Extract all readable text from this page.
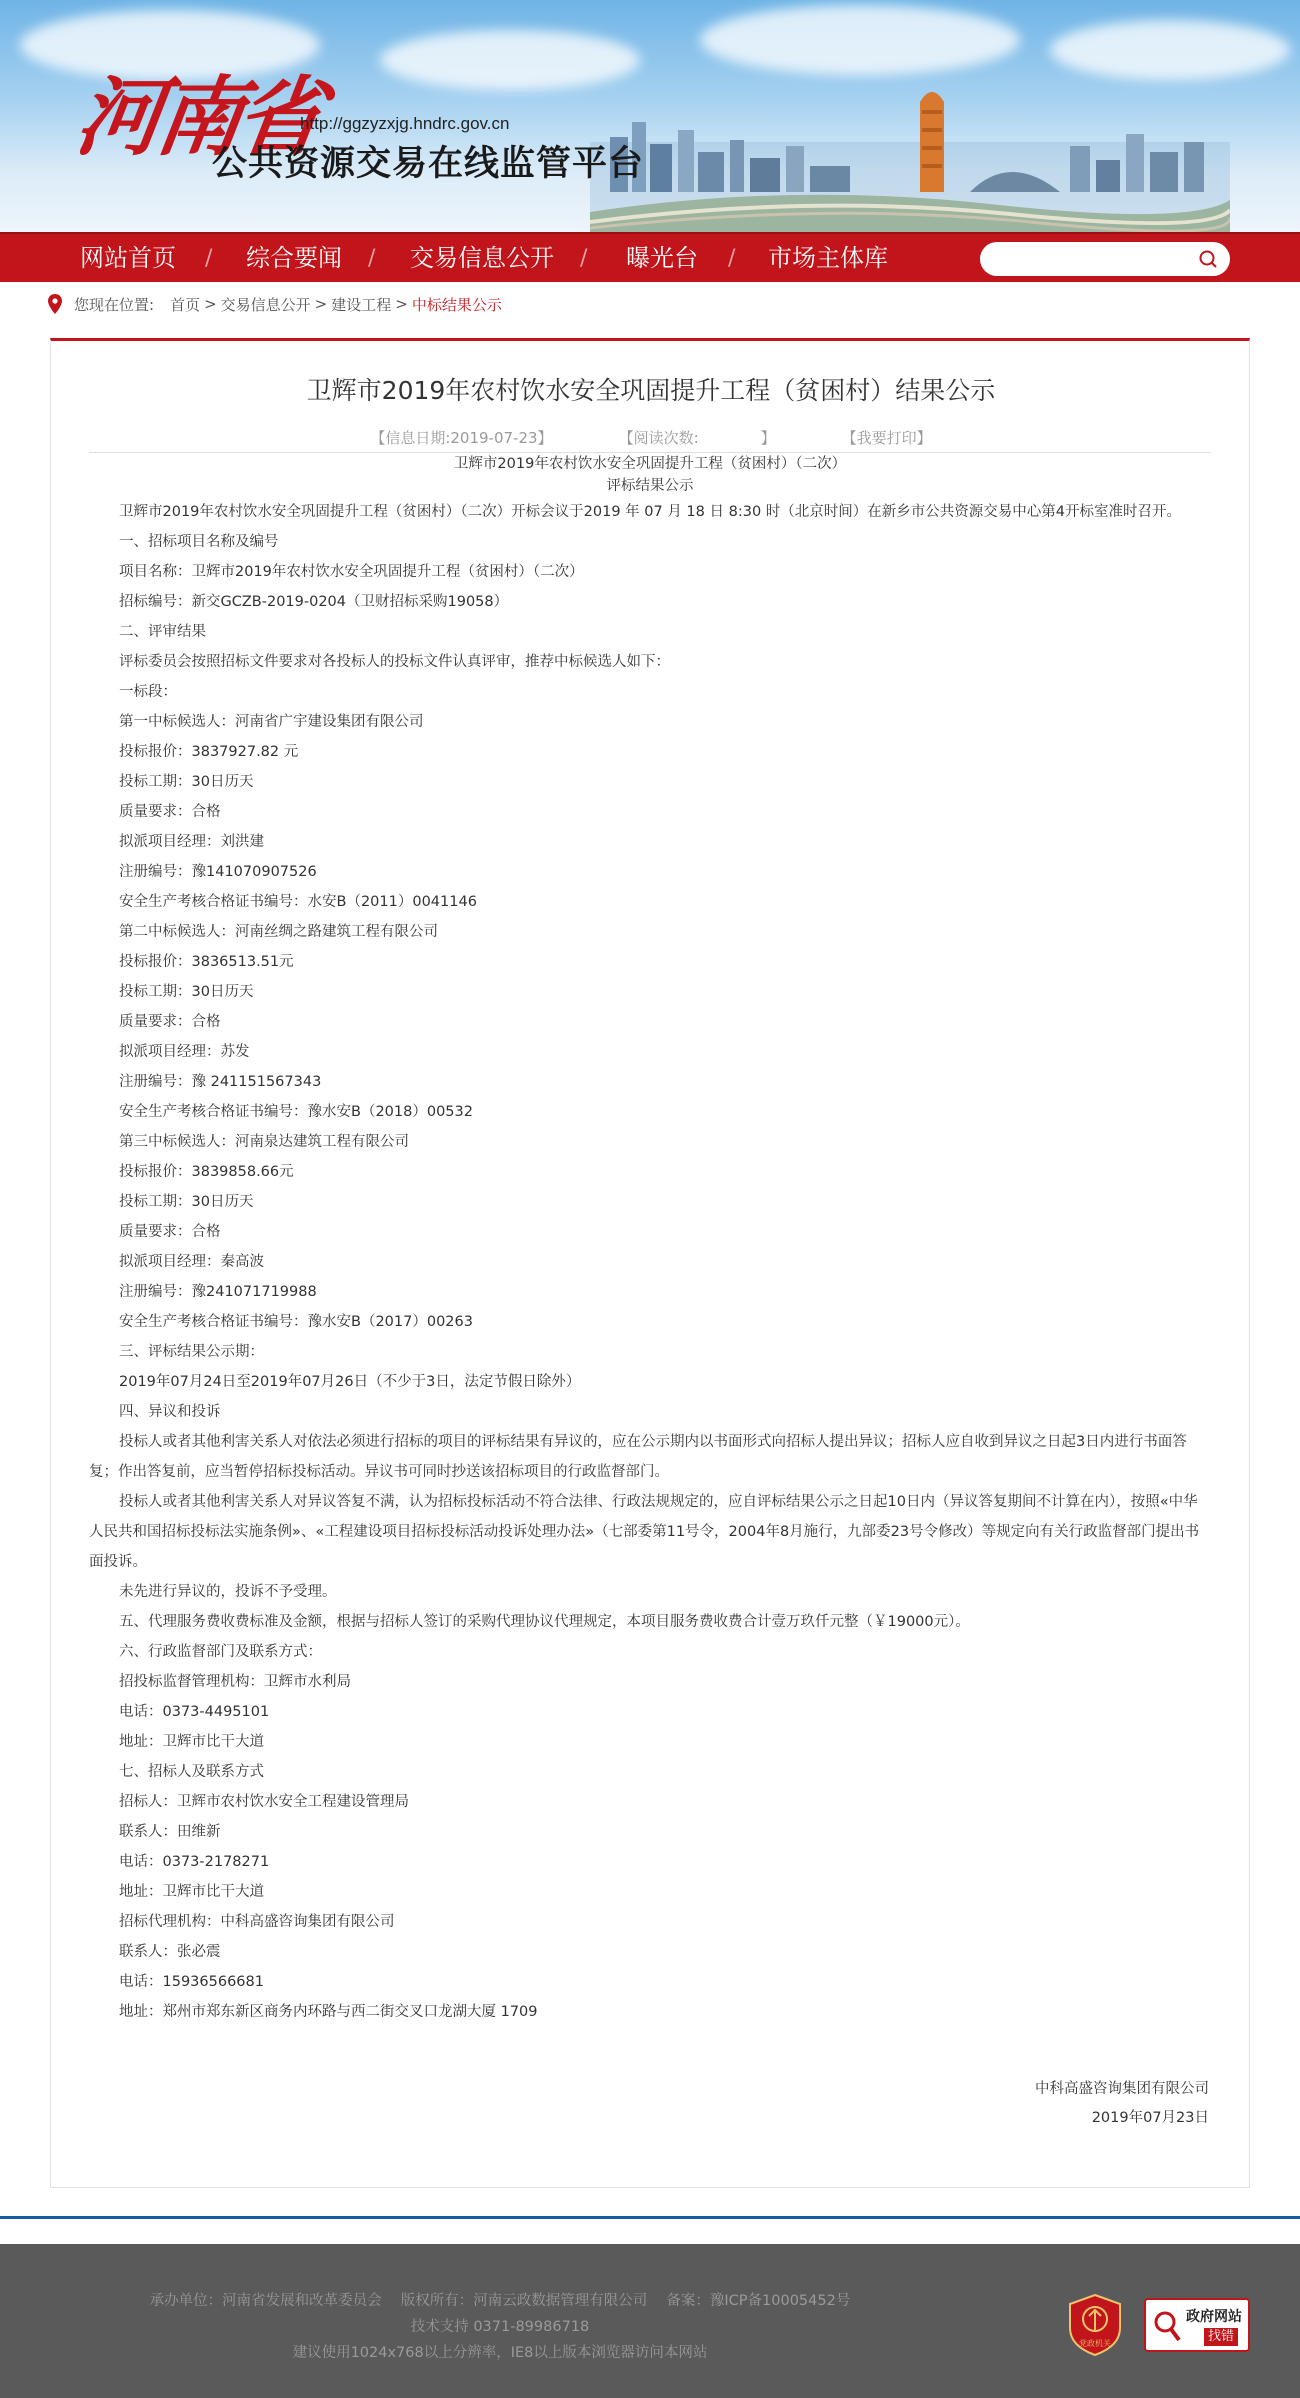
河南省
http://ggzyzxjg.hndrc.gov.cn
公共资源交易在线监管平台
网站首页 / 综合要闻 / 交易信息公开 / 曝光台 / 市场主体库
您现在位置: 首页 > 交易信息公开 > 建设工程 > 中标结果公示
卫辉市2019年农村饮水安全巩固提升工程（贫困村）结果公示
【信息日期:2019-07-23】	【阅读次数:	】	【我要打印】
卫辉市2019年农村饮水安全巩固提升工程（贫困村）（二次）
评标结果公示
卫辉市2019年农村饮水安全巩固提升工程（贫困村）（二次）开标会议于2019 年 07 月 18 日 8:30 时（北京时间）在新乡市公共资源交易中心第4开标室准时召开。
一、招标项目名称及编号
项目名称：卫辉市2019年农村饮水安全巩固提升工程（贫困村）（二次）
招标编号：新交GCZB-2019-0204（卫财招标采购19058）
二、评审结果
评标委员会按照招标文件要求对各投标人的投标文件认真评审，推荐中标候选人如下：
一标段：
第一中标候选人：河南省广宇建设集团有限公司
投标报价：3837927.82 元
投标工期：30日历天
质量要求：合格
拟派项目经理：刘洪建
注册编号：豫141070907526
安全生产考核合格证书编号：水安B（2011）0041146
第二中标候选人：河南丝绸之路建筑工程有限公司
投标报价：3836513.51元
投标工期：30日历天
质量要求：合格
拟派项目经理：苏发
注册编号：豫 241151567343
安全生产考核合格证书编号：豫水安B（2018）00532
第三中标候选人：河南泉达建筑工程有限公司
投标报价：3839858.66元
投标工期：30日历天
质量要求：合格
拟派项目经理：秦高波
注册编号：豫241071719988
安全生产考核合格证书编号：豫水安B（2017）00263
三、评标结果公示期：
2019年07月24日至2019年07月26日（不少于3日，法定节假日除外）
四、异议和投诉
投标人或者其他利害关系人对依法必须进行招标的项目的评标结果有异议的，应在公示期内以书面形式向招标人提出异议；招标人应自收到异议之日起3日内进行书面答复；作出答复前，应当暂停招标投标活动。异议书可同时抄送该招标项目的行政监督部门。
投标人或者其他利害关系人对异议答复不满，认为招标投标活动不符合法律、行政法规规定的，应自评标结果公示之日起10日内（异议答复期间不计算在内），按照«中华人民共和国招标投标法实施条例»、«工程建设项目招标投标活动投诉处理办法»（七部委第11号令，2004年8月施行，九部委23号令修改）等规定向有关行政监督部门提出书面投诉。
未先进行异议的，投诉不予受理。
五、代理服务费收费标准及金额，根据与招标人签订的采购代理协议代理规定，本项目服务费收费合计壹万玖仟元整（￥19000元）。
六、行政监督部门及联系方式：
招投标监督管理机构：卫辉市水利局
电话：0373-4495101
地址：卫辉市比干大道
七、招标人及联系方式
招标人：卫辉市农村饮水安全工程建设管理局
联系人：田维新
电话：0373-2178271
地址：卫辉市比干大道
招标代理机构：中科高盛咨询集团有限公司
联系人：张必震
电话：15936566681
地址：郑州市郑东新区商务内环路与西二街交叉口龙湖大厦 1709
中科高盛咨询集团有限公司
2019年07月23日
承办单位：河南省发展和改革委员会　 版权所有：河南云政数据管理有限公司　 备案：豫ICP备10005452号
技术支持 0371-89986718
建议使用1024x768以上分辨率，IE8以上版本浏览器访问本网站
党政机关
政府网站
找错
